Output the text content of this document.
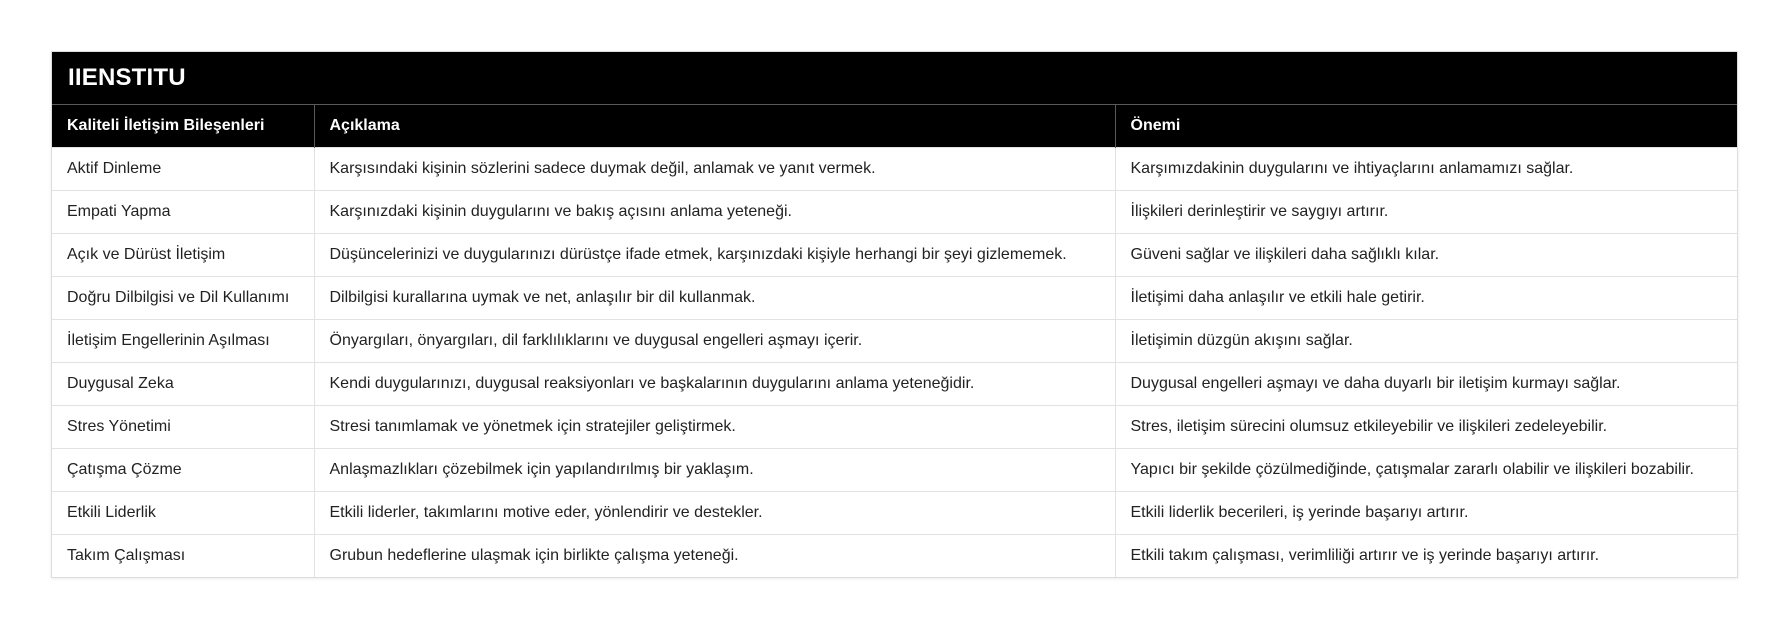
IIENSTITU
Kaliteli İletişim Bileşenleri	Açıklama	Önemi
Aktif Dinleme	Karşısındaki kişinin sözlerini sadece duymak değil, anlamak ve yanıt vermek.	Karşımızdakinin duygularını ve ihtiyaçlarını anlamamızı sağlar.
Empati Yapma	Karşınızdaki kişinin duygularını ve bakış açısını anlama yeteneği.	İlişkileri derinleştirir ve saygıyı artırır.
Açık ve Dürüst İletişim	Düşüncelerinizi ve duygularınızı dürüstçe ifade etmek, karşınızdaki kişiyle herhangi bir şeyi gizlememek.	Güveni sağlar ve ilişkileri daha sağlıklı kılar.
Doğru Dilbilgisi ve Dil Kullanımı	Dilbilgisi kurallarına uymak ve net, anlaşılır bir dil kullanmak.	İletişimi daha anlaşılır ve etkili hale getirir.
İletişim Engellerinin Aşılması	Önyargıları, önyargıları, dil farklılıklarını ve duygusal engelleri aşmayı içerir.	İletişimin düzgün akışını sağlar.
Duygusal Zeka	Kendi duygularınızı, duygusal reaksiyonları ve başkalarının duygularını anlama yeteneğidir.	Duygusal engelleri aşmayı ve daha duyarlı bir iletişim kurmayı sağlar.
Stres Yönetimi	Stresi tanımlamak ve yönetmek için stratejiler geliştirmek.	Stres, iletişim sürecini olumsuz etkileyebilir ve ilişkileri zedeleyebilir.
Çatışma Çözme	Anlaşmazlıkları çözebilmek için yapılandırılmış bir yaklaşım.	Yapıcı bir şekilde çözülmediğinde, çatışmalar zararlı olabilir ve ilişkileri bozabilir.
Etkili Liderlik	Etkili liderler, takımlarını motive eder, yönlendirir ve destekler.	Etkili liderlik becerileri, iş yerinde başarıyı artırır.
Takım Çalışması	Grubun hedeflerine ulaşmak için birlikte çalışma yeteneği.	Etkili takım çalışması, verimliliği artırır ve iş yerinde başarıyı artırır.
